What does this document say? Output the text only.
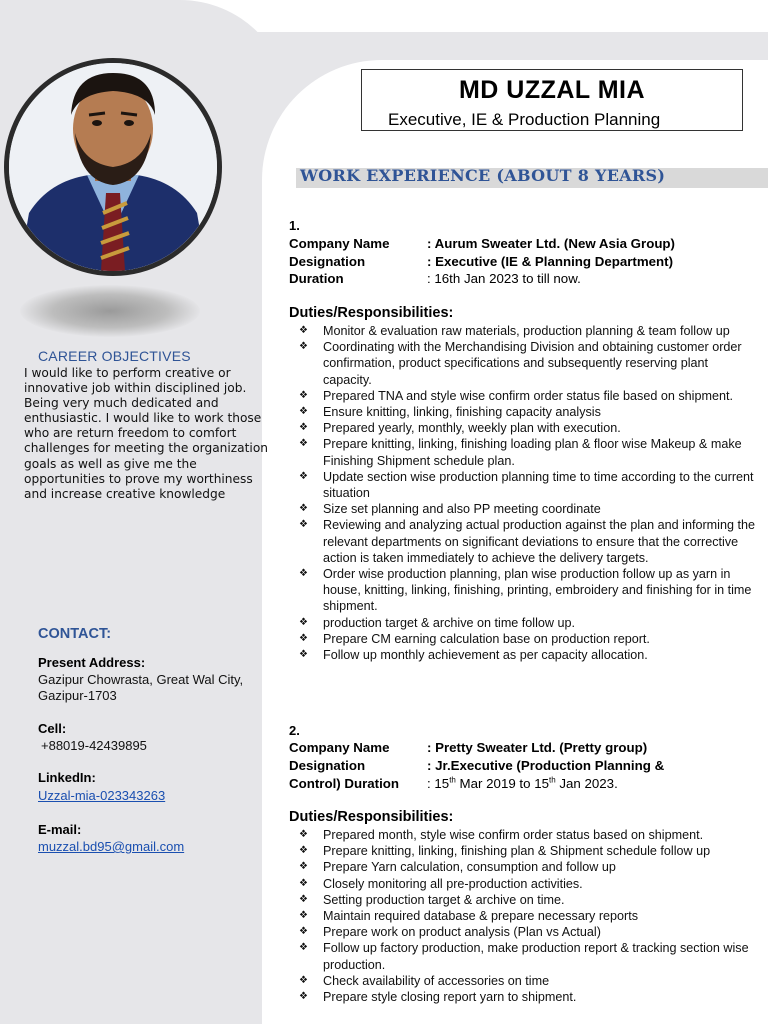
CAREER OBJECTIVES

I would like to perform creative or innovative job within disciplined job. Being very much dedicated and enthusiastic. I would like to work those who are return freedom to comfort challenges for meeting the organization goals as well as give me the opportunities to prove my worthiness and increase creative knowledge

CONTACT:
Present Address:
Gazipur Chowrasta, Great Wal City,
Gazipur-1703
Cell:
+88019-42439895
LinkedIn:
Uzzal-mia-023343263
E-mail:
muzzal.bd95@gmail.com
MD UZZAL MIA
Executive, IE & Production Planning
WORK EXPERIENCE (ABOUT 8 YEARS)
1.
Company Name	: Aurum Sweater Ltd. (New Asia Group)
Designation	: Executive (IE & Planning Department)
Duration	: 16th Jan 2023 to till now.
Duties/Responsibilities:
❖ Monitor & evaluation raw materials, production planning & team follow up
❖ Coordinating with the Merchandising Division and obtaining customer order confirmation, product specifications and subsequently reserving plant capacity.
❖ Prepared TNA and style wise confirm order status file based on shipment.
❖ Ensure knitting, linking, finishing capacity analysis
❖ Prepared yearly, monthly, weekly plan with execution.
❖ Prepare knitting, linking, finishing loading plan & floor wise Makeup & make Finishing Shipment schedule plan.
❖ Update section wise production planning time to time according to the current situation
❖ Size set planning and also PP meeting coordinate
❖ Reviewing and analyzing actual production against the plan and informing the relevant departments on significant deviations to ensure that the corrective action is taken immediately to achieve the delivery targets.
❖ Order wise production planning, plan wise production follow up as yarn in house, knitting, linking, finishing, printing, embroidery and finishing for in time shipment.
❖ production target & archive on time follow up.
❖ Prepare CM earning calculation base on production report.
❖ Follow up monthly achievement as per capacity allocation.
2.
Company Name	: Pretty Sweater Ltd. (Pretty group)
Designation	: Jr.Executive (Production Planning &
Control) Duration : 15th Mar 2019 to 15th Jan 2023.
Duties/Responsibilities:
❖ Prepared month, style wise confirm order status based on shipment.
❖ Prepare knitting, linking, finishing plan & Shipment schedule follow up
❖ Prepare Yarn calculation, consumption and follow up
❖ Closely monitoring all pre-production activities.
❖ Setting production target & archive on time.
❖ Maintain required database & prepare necessary reports
❖ Prepare work on product analysis (Plan vs Actual)
❖ Follow up factory production, make production report & tracking section wise production.
❖ Check availability of accessories on time
❖ Prepare style closing report yarn to shipment.
